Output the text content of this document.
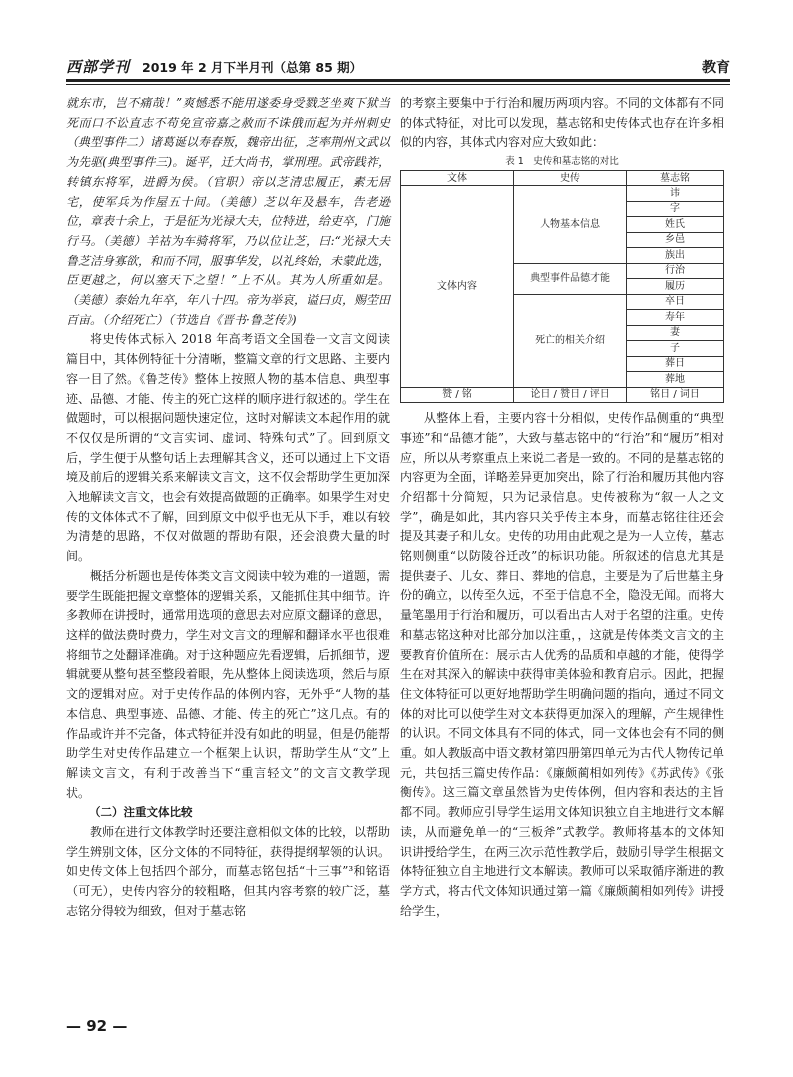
西部学刊 2019 年 2 月下半月刊（总第 85 期）	教育

就东市，岂不痛哉！”爽憾悉不能用遂委身受戮芝坐爽下狱当死而口不讼直志不苟免宣帝嘉之赦而不诛俄而起为并州刺史（典型事件二）诸葛诞以寿春叛，魏帝出征，芝率荆州文武以为先驱(典型事件三)。诞平，迁大尚书，掌刑理。武帝践祚，转镇东将军，进爵为侯。（官职）帝以芝清忠履正，素无居宅，使军兵为作屋五十间。（美德）芝以年及悬车，告老逊位，章表十余上，于是征为光禄大夫，位特进，给吏卒，门施行马。（美德）羊祜为车骑将军，乃以位让芝，曰:“光禄大夫鲁芝洁身寡欲，和而不同，服事华发，以礼终始，未蒙此选，臣更越之，何以塞天下之望！”上不从。其为人所重如是。（美德）泰始九年卒，年八十四。帝为举哀，谥曰贞，赐茔田百亩。（介绍死亡）（节选自《晋书·鲁芝传》)

将史传体式标入 2018 年高考语文全国卷一文言文阅读篇目中，其体例特征十分清晰，整篇文章的行文思路、主要内容一目了然。《鲁芝传》整体上按照人物的基本信息、典型事迹、品德、才能、传主的死亡这样的顺序进行叙述的。学生在做题时，可以根据问题快速定位，这时对解读文本起作用的就不仅仅是所谓的“文言实词、虚词、特殊句式”了。回到原文后，学生便于从整句话上去理解其含义，还可以通过上下文语境及前后的逻辑关系来解读文言文，这不仅会帮助学生更加深入地解读文言文，也会有效提高做题的正确率。如果学生对史传的文体体式不了解，回到原文中似乎也无从下手，难以有较为清楚的思路，不仅对做题的帮助有限，还会浪费大量的时间。

概括分析题也是传体类文言文阅读中较为难的一道题，需要学生既能把握文章整体的逻辑关系，又能抓住其中细节。许多教师在讲授时，通常用选项的意思去对应原文翻译的意思，这样的做法费时费力，学生对文言文的理解和翻译水平也很难将细节之处翻译准确。对于这种题应先看逻辑，后抓细节，逻辑就要从整句甚至整段着眼，先从整体上阅读选项，然后与原文的逻辑对应。对于史传作品的体例内容，无外乎“人物的基本信息、典型事迹、品德、才能、传主的死亡”这几点。有的作品或许并不完备，体式特征并没有如此的明显，但是仍能帮助学生对史传作品建立一个框架上认识，帮助学生从“文”上解读文言文，有利于改善当下“重言轻文”的文言文教学现状。

（二）注重文体比较

教师在进行文体教学时还要注意相似文体的比较，以帮助学生辨别文体，区分文体的不同特征，获得提纲挈领的认识。如史传文体上包括四个部分，而墓志铭包括“十三事”³和铭语（可无），史传内容分的较粗略，但其内容考察的较广泛，墓志铭分得较为细致，但对于墓志铭

的考察主要集中于行治和履历两项内容。不同的文体都有不同的体式特征，对比可以发现，墓志铭和史传体式也存在许多相似的内容，其体式内容对应大致如此：

表 1　史传和墓志铭的对比
文体	史传	墓志铭
文体内容	人物基本信息	讳
		字
		姓氏
		乡邑
		族出
	典型事件品德才能	行治
		履历
	死亡的相关介绍	卒日
		寿年
		妻
		子
		葬日
		葬地
赞 / 铭	论日 / 赞日 / 评日	铭日 / 词日

从整体上看，主要内容十分相似，史传作品侧重的“典型事迹”和“品德才能”，大致与墓志铭中的“行治”和“履历”相对应，所以从考察重点上来说二者是一致的。不同的是墓志铭的内容更为全面，详略差异更加突出，除了行治和履历其他内容介绍都十分简短，只为记录信息。史传被称为“叙一人之文学”，确是如此，其内容只关乎传主本身，而墓志铭往往还会提及其妻子和儿女。史传的功用由此观之是为一人立传，墓志铭则侧重“以防陵谷迁改”的标识功能。所叙述的信息尤其是提供妻子、儿女、葬日、葬地的信息，主要是为了后世墓主身份的确立，以传至久远，不至于信息不全，隐没无闻。而将大量笔墨用于行治和履历，可以看出古人对于名望的注重。史传和墓志铭这种对比部分加以注重，，这就是传体类文言文的主要教育价值所在：展示古人优秀的品质和卓越的才能，使得学生在对其深入的解读中获得审美体验和教育启示。因此，把握住文体特征可以更好地帮助学生明确问题的指向，通过不同文体的对比可以使学生对文本获得更加深入的理解，产生规律性的认识。不同文体具有不同的体式，同一文体也会有不同的侧重。如人教版高中语文教材第四册第四单元为古代人物传记单元，共包括三篇史传作品：《廉颇蔺相如列传》《苏武传》《张衡传》。这三篇文章虽然皆为史传体例，但内容和表达的主旨都不同。教师应引导学生运用文体知识独立自主地进行文本解读，从而避免单一的“三板斧”式教学。教师将基本的文体知识讲授给学生，在两三次示范性教学后，鼓励引导学生根据文体特征独立自主地进行文本解读。教师可以采取循序渐进的教学方式，将古代文体知识通过第一篇《廉颇蔺相如列传》讲授给学生，

— 92 —
